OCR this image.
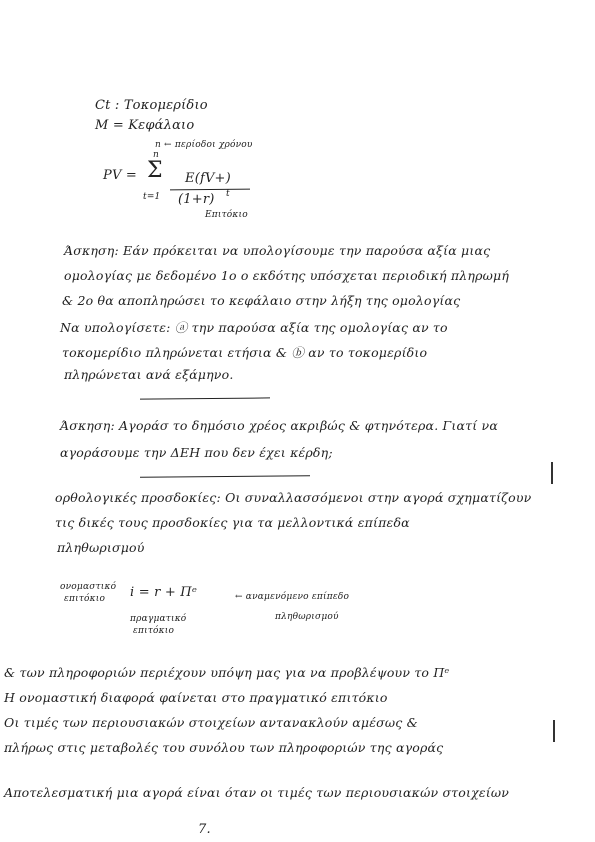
Ct : Τοκομερίδιο
M = Κεφάλαιο
n ← περίοδοι χρόνου
PV =
n
Σ
t=1
E(fV+)
(1+r) t
Επιτόκιο
Άσκηση: Εάν πρόκειται να υπολογίσουμε την παρούσα αξία μιας
ομολογίας με δεδομένο 1ο ο εκδότης υπόσχεται περιοδική πληρωμή
& 2ο θα αποπληρώσει το κεφάλαιο στην λήξη της ομολογίας
Να υπολογίσετε: ⓐ την παρούσα αξία της ομολογίας αν το
τοκομερίδιο πληρώνεται ετήσια & ⓑ αν το τοκομερίδιο
πληρώνεται ανά εξάμηνο.
Άσκηση: Αγοράσ το δημόσιο χρέος ακριβώς & φτηνότερα. Γιατί να
αγοράσουμε την ΔΕΗ που δεν έχει κέρδη;
ορθολογικές προσδοκίες: Οι συναλλασσόμενοι στην αγορά σχηματίζουν
τις δικές τους προσδοκίες για τα μελλοντικά επίπεδα
πληθωρισμού
ονομαστικό
επιτόκιο i = r + Πᵉ	← αναμενόμενο επίπεδο
πληθωρισμού
πραγματικό
επιτόκιο
& των πληροφοριών περιέχουν υπόψη μας για να προβλέψουν το Πᵉ
Η ονομαστική διαφορά φαίνεται στο πραγματικό επιτόκιο
Οι τιμές των περιουσιακών στοιχείων αντανακλούν αμέσως &
πλήρως στις μεταβολές του συνόλου των πληροφοριών της αγοράς
Αποτελεσματική μια αγορά είναι όταν οι τιμές των περιουσιακών στοιχείων
7.
